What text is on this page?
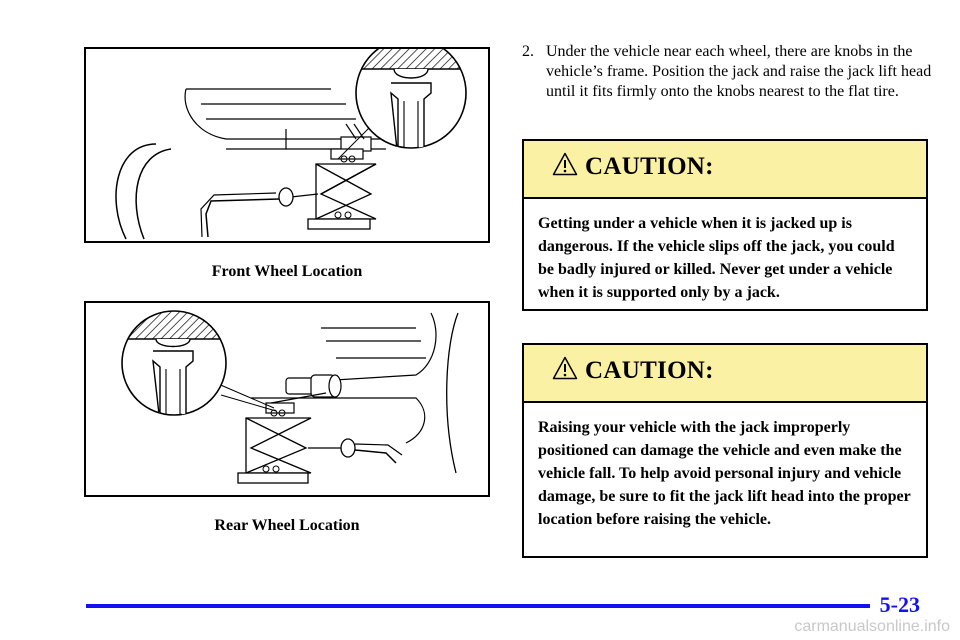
Front Wheel Location
Rear Wheel Location
2. Under the vehicle near each wheel, there are knobs in the vehicle’s frame. Position the jack and raise the jack lift head until it fits firmly onto the knobs nearest to the flat tire.
CAUTION:
Getting under a vehicle when it is jacked up is dangerous. If the vehicle slips off the jack, you could be badly injured or killed. Never get under a vehicle when it is supported only by a jack.
CAUTION:
Raising your vehicle with the jack improperly positioned can damage the vehicle and even make the vehicle fall. To help avoid personal injury and vehicle damage, be sure to fit the jack lift head into the proper location before raising the vehicle.
5-23
carmanualsonline.info
